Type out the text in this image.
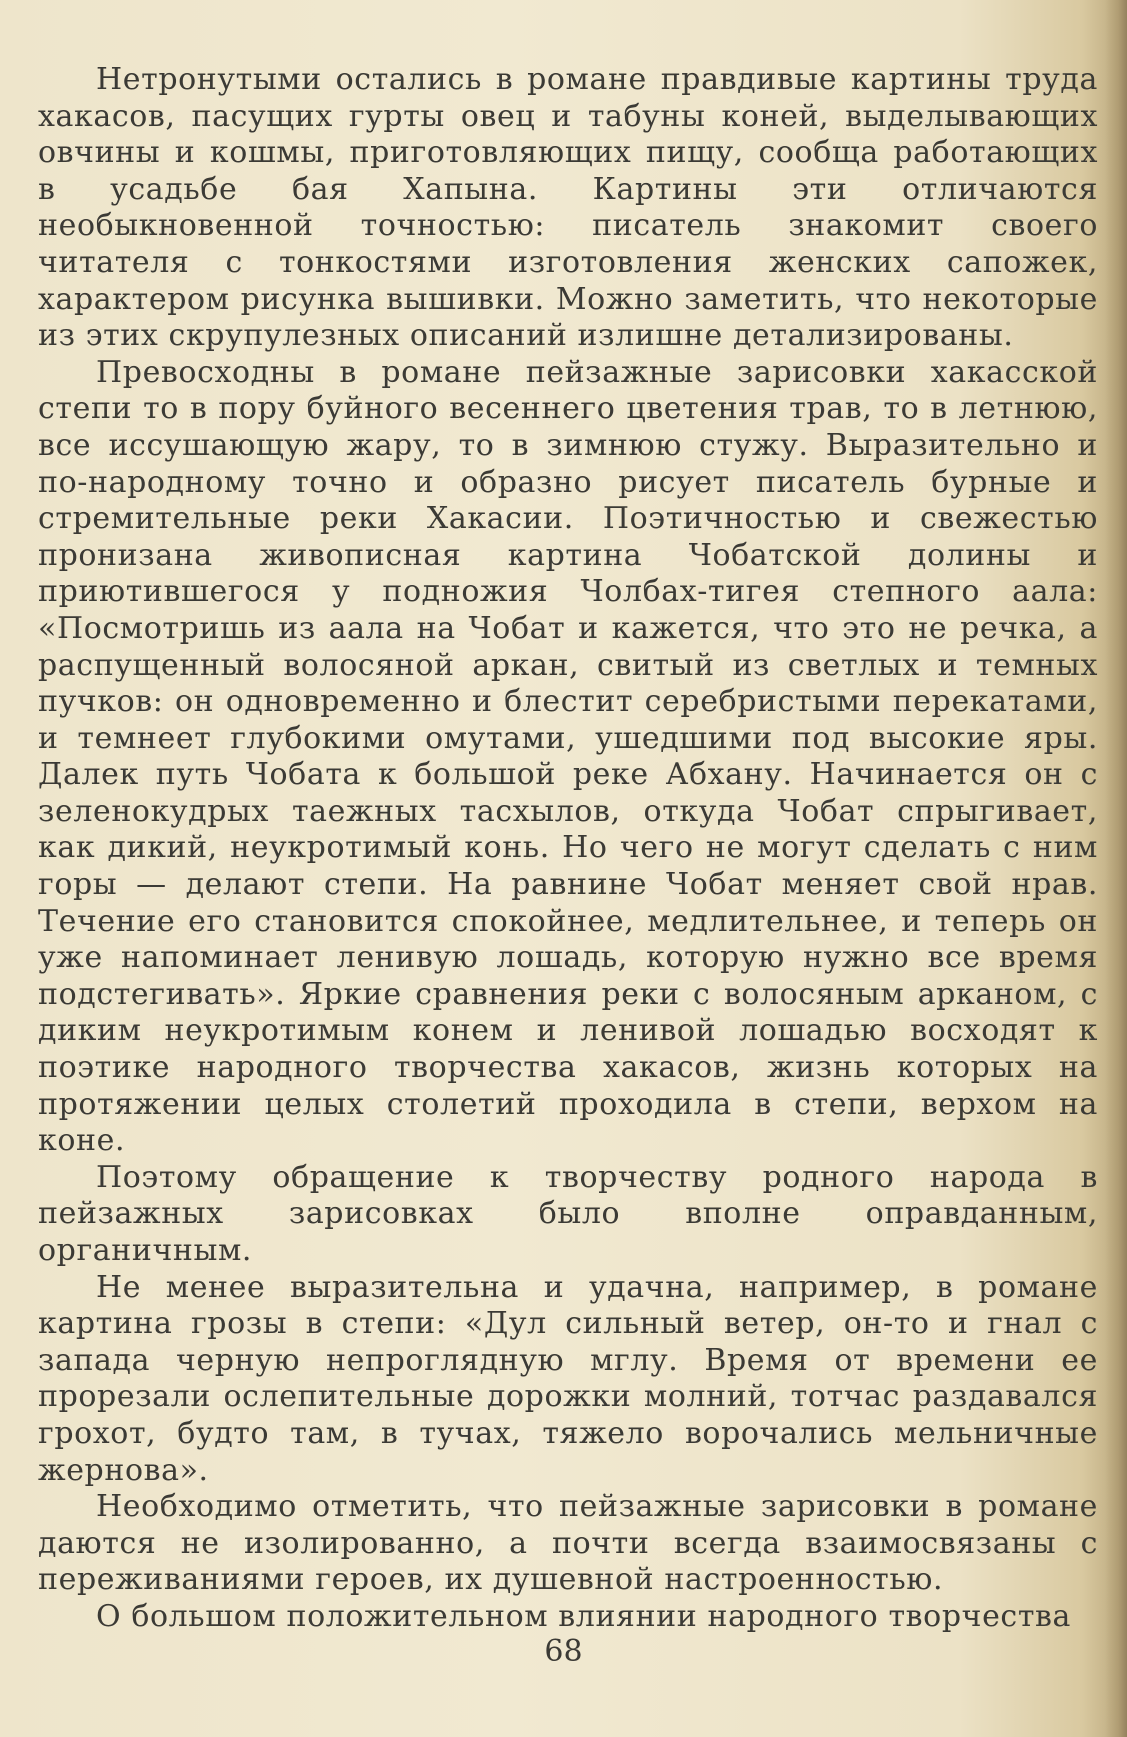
Нетронутыми остались в романе правдивые картины труда хакасов, пасущих гурты овец и табуны коней, выделывающих овчины и кошмы, приготовляющих пищу, сообща работающих в усадьбе бая Хапына. Картины эти отличаются необыкновенной точностью: писатель знакомит своего читателя с тонкостями изготовления женских сапожек, характером рисунка вышивки. Можно заметить, что некоторые из этих скрупулезных описаний излишне детализированы.

Превосходны в романе пейзажные зарисовки хакасской степи то в пору буйного весеннего цветения трав, то в летнюю, все иссушающую жару, то в зимнюю стужу. Выразительно и по-народному точно и образно рисует писатель бурные и стремительные реки Хакасии. Поэтичностью и свежестью пронизана живописная картина Чобатской долины и приютившегося у подножия Чолбах-тигея степного аала: «Посмотришь из аала на Чобат и кажется, что это не речка, а распущенный волосяной аркан, свитый из светлых и темных пучков: он одновременно и блестит серебристыми перекатами, и темнеет глубокими омутами, ушедшими под высокие яры. Далек путь Чобата к большой реке Абхану. Начинается он с зеленокудрых таежных тасхылов, откуда Чобат спрыгивает, как дикий, неукротимый конь. Но чего не могут сделать с ним горы — делают степи. На равнине Чобат меняет свой нрав. Течение его становится спокойнее, медлительнее, и теперь он уже напоминает ленивую лошадь, которую нужно все время подстегивать». Яркие сравнения реки с волосяным арканом, с диким неукротимым конем и ленивой лошадью восходят к поэтике народного творчества хакасов, жизнь которых на протяжении целых столетий проходила в степи, верхом на коне.

Поэтому обращение к творчеству родного народа в пейзажных зарисовках было вполне оправданным, органичным.

Не менее выразительна и удачна, например, в романе картина грозы в степи: «Дул сильный ветер, он-то и гнал с запада черную непроглядную мглу. Время от времени ее прорезали ослепительные дорожки молний, тотчас раздавался грохот, будто там, в тучах, тяжело ворочались мельничные жернова».

Необходимо отметить, что пейзажные зарисовки в романе даются не изолированно, а почти всегда взаимосвязаны с переживаниями героев, их душевной настроенностью.

О большом положительном влиянии народного творчества

68
